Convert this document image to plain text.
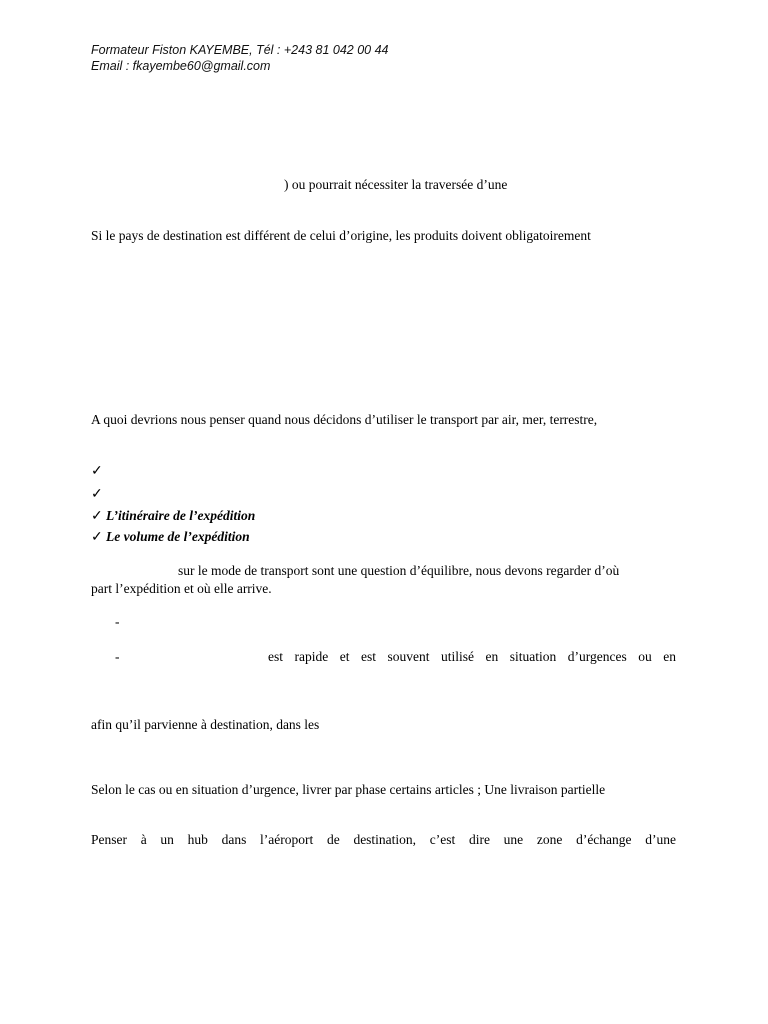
Formateur Fiston KAYEMBE, Tél : +243 81 042 00 44
Email : fkayembe60@gmail.com
) ou pourrait nécessiter la traversée d’une
Si le pays de destination est différent de celui d’origine, les produits doivent obligatoirement
A quoi devrions nous penser quand nous décidons d’utiliser le transport par air, mer, terrestre,
✓
✓
✓ L’itinéraire de l’expédition
✓ Le volume de l’expédition
sur le mode de transport sont une question d’équilibre, nous devons regarder d’où
part l’expédition et où elle arrive.
-
-	est rapide et est souvent utilisé en situation d’urgences ou en
afin qu’il parvienne à destination, dans les
Selon le cas ou en situation d’urgence, livrer par phase certains articles ; Une livraison partielle
Penser à un hub dans l’aéroport de destination, c’est dire une zone d’échange d’une
